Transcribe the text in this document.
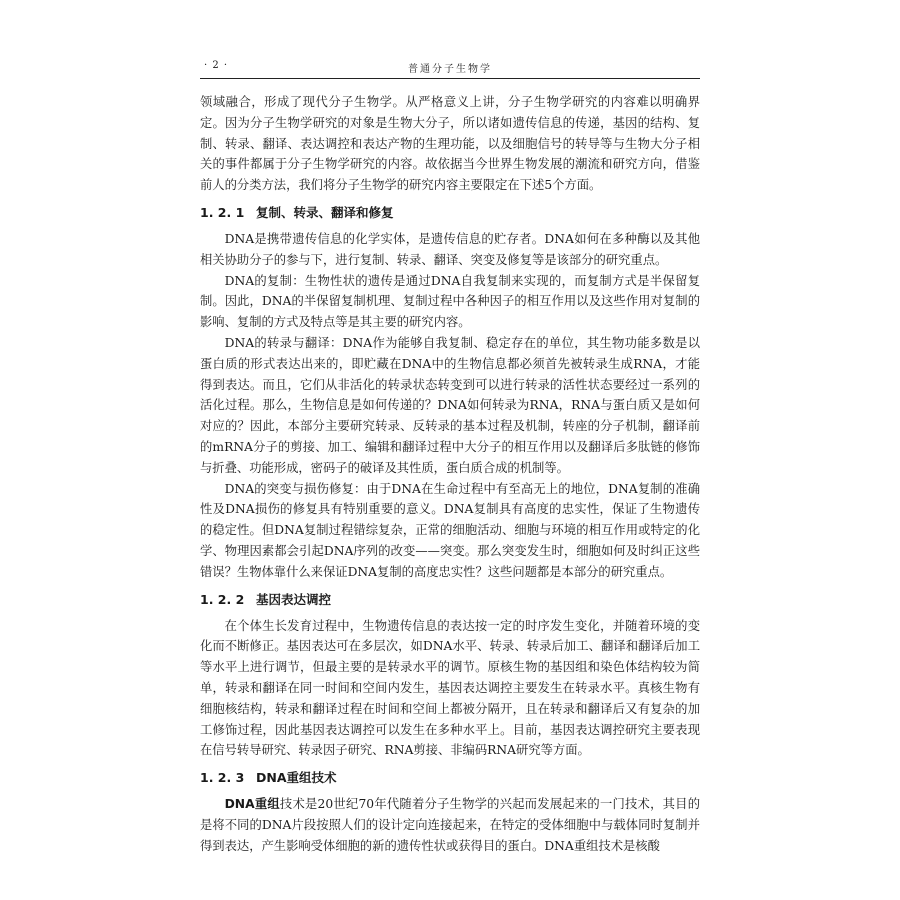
· 2 ·	普通分子生物学

领域融合，形成了现代分子生物学。从严格意义上讲，分子生物学研究的内容难以明确界定。因为分子生物学研究的对象是生物大分子，所以诸如遗传信息的传递，基因的结构、复制、转录、翻译、表达调控和表达产物的生理功能，以及细胞信号的转导等与生物大分子相关的事件都属于分子生物学研究的内容。故依据当今世界生物发展的潮流和研究方向，借鉴前人的分类方法，我们将分子生物学的研究内容主要限定在下述5个方面。

1. 2. 1 复制、转录、翻译和修复

DNA是携带遗传信息的化学实体，是遗传信息的贮存者。DNA如何在多种酶以及其他相关协助分子的参与下，进行复制、转录、翻译、突变及修复等是该部分的研究重点。

DNA的复制：生物性状的遗传是通过DNA自我复制来实现的，而复制方式是半保留复制。因此，DNA的半保留复制机理、复制过程中各种因子的相互作用以及这些作用对复制的影响、复制的方式及特点等是其主要的研究内容。

DNA的转录与翻译：DNA作为能够自我复制、稳定存在的单位，其生物功能多数是以蛋白质的形式表达出来的，即贮藏在DNA中的生物信息都必须首先被转录生成RNA，才能得到表达。而且，它们从非活化的转录状态转变到可以进行转录的活性状态要经过一系列的活化过程。那么，生物信息是如何传递的？DNA如何转录为RNA，RNA与蛋白质又是如何对应的？因此，本部分主要研究转录、反转录的基本过程及机制，转座的分子机制，翻译前的mRNA分子的剪接、加工、编辑和翻译过程中大分子的相互作用以及翻译后多肽链的修饰与折叠、功能形成，密码子的破译及其性质，蛋白质合成的机制等。

DNA的突变与损伤修复：由于DNA在生命过程中有至高无上的地位，DNA复制的准确性及DNA损伤的修复具有特别重要的意义。DNA复制具有高度的忠实性，保证了生物遗传的稳定性。但DNA复制过程错综复杂，正常的细胞活动、细胞与环境的相互作用或特定的化学、物理因素都会引起DNA序列的改变——突变。那么突变发生时，细胞如何及时纠正这些错误？生物体靠什么来保证DNA复制的高度忠实性？这些问题都是本部分的研究重点。

1. 2. 2 基因表达调控

在个体生长发育过程中，生物遗传信息的表达按一定的时序发生变化，并随着环境的变化而不断修正。基因表达可在多层次，如DNA水平、转录、转录后加工、翻译和翻译后加工等水平上进行调节，但最主要的是转录水平的调节。原核生物的基因组和染色体结构较为简单，转录和翻译在同一时间和空间内发生，基因表达调控主要发生在转录水平。真核生物有细胞核结构，转录和翻译过程在时间和空间上都被分隔开，且在转录和翻译后又有复杂的加工修饰过程，因此基因表达调控可以发生在多种水平上。目前，基因表达调控研究主要表现在信号转导研究、转录因子研究、RNA剪接、非编码RNA研究等方面。

1. 2. 3 DNA重组技术

DNA重组技术是20世纪70年代随着分子生物学的兴起而发展起来的一门技术，其目的是将不同的DNA片段按照人们的设计定向连接起来，在特定的受体细胞中与载体同时复制并得到表达，产生影响受体细胞的新的遗传性状或获得目的蛋白。DNA重组技术是核酸
